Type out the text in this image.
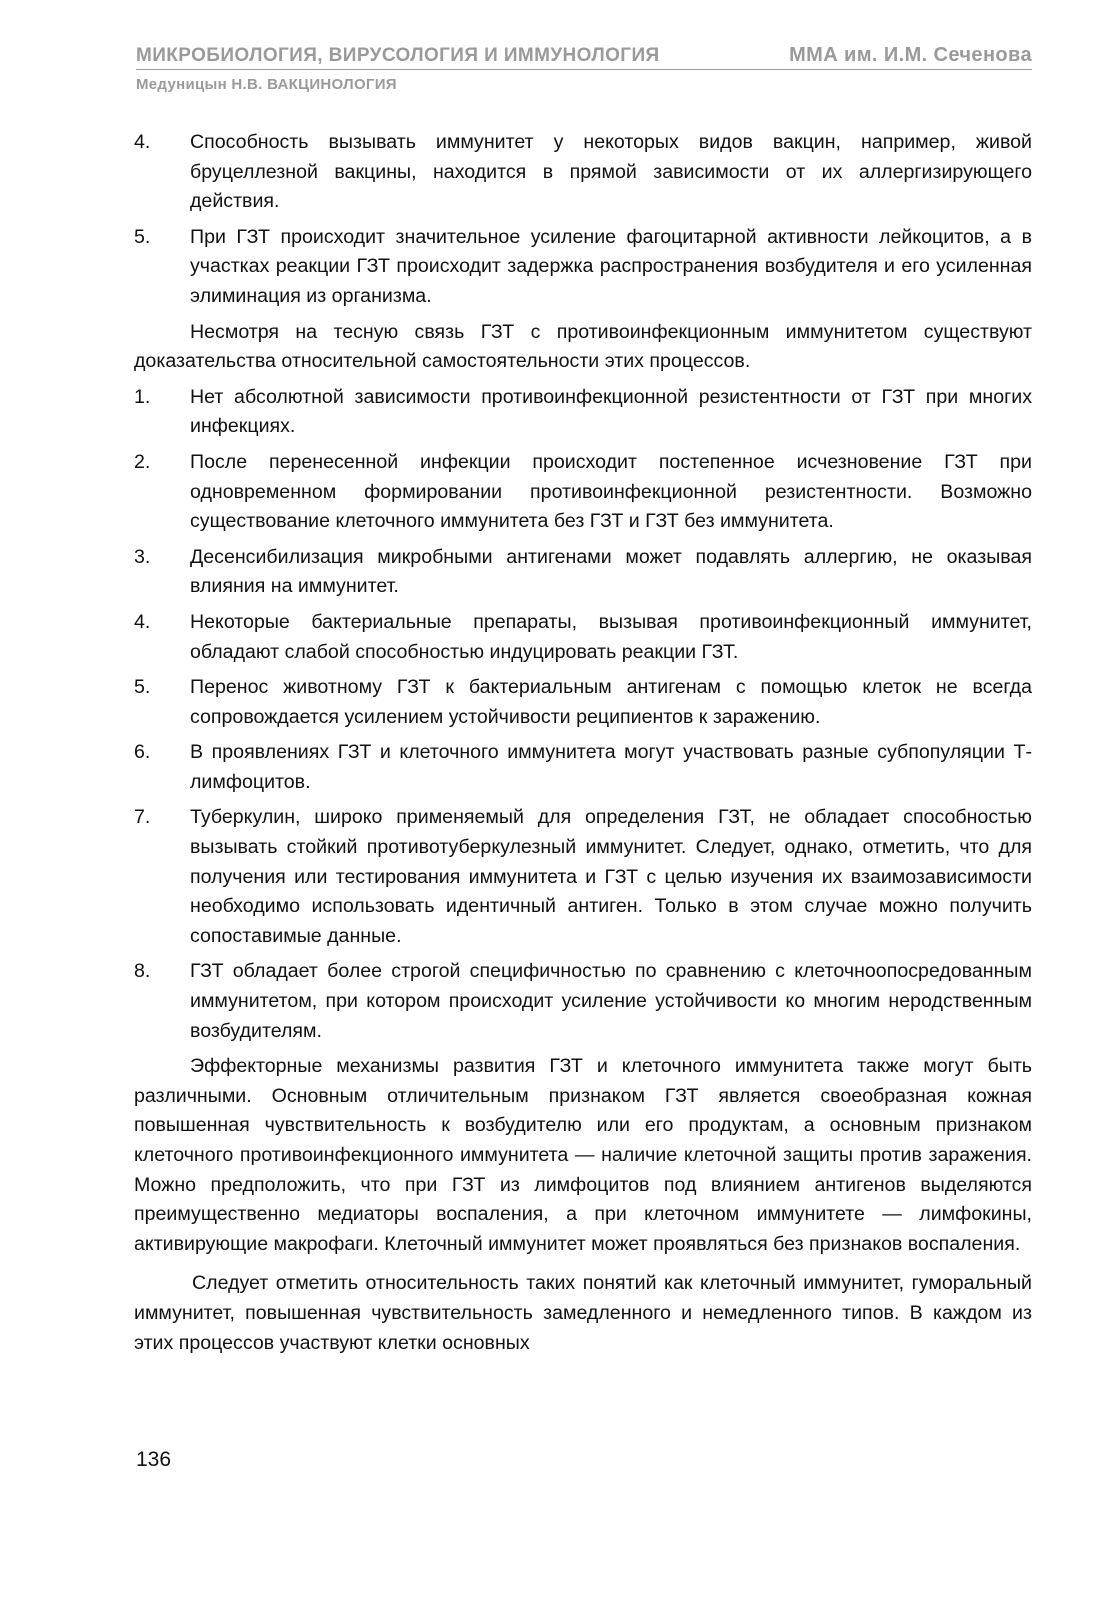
МИКРОБИОЛОГИЯ, ВИРУСОЛОГИЯ И ИММУНОЛОГИЯ	ММА им. И.М. Сеченова
Медуницын Н.В. ВАКЦИНОЛОГИЯ
4.	Способность вызывать иммунитет у некоторых видов вакцин, например, живой бруцеллезной вакцины, находится в прямой зависимости от их аллергизирующего действия.
5.	При ГЗТ происходит значительное усиление фагоцитарной активности лейкоцитов, а в участках реакции ГЗТ происходит задержка распространения возбудителя и его усиленная элиминация из организма.

Несмотря на тесную связь ГЗТ с противоинфекционным иммунитетом существуют доказательства относительной самостоятельности этих процессов.

1.	Нет абсолютной зависимости противоинфекционной резистентности от ГЗТ при многих инфекциях.
2.	После перенесенной инфекции происходит постепенное исчезновение ГЗТ при одновременном формировании противоинфекционной резистентности. Возможно существование клеточного иммунитета без ГЗТ и ГЗТ без иммунитета.
3.	Десенсибилизация микробными антигенами может подавлять аллергию, не оказывая влияния на иммунитет.
4.	Некоторые бактериальные препараты, вызывая противоинфекционный иммунитет, обладают слабой способностью индуцировать реакции ГЗТ.
5.	Перенос животному ГЗТ к бактериальным антигенам с помощью клеток не всегда сопровождается усилением устойчивости реципиентов к заражению.
6.	В проявлениях ГЗТ и клеточного иммунитета могут участвовать разные субпопуляции Т-лимфоцитов.
7.	Туберкулин, широко применяемый для определения ГЗТ, не обладает способностью вызывать стойкий противотуберкулезный иммунитет. Следует, однако, отметить, что для получения или тестирования иммунитета и ГЗТ с целью изучения их взаимозависимости необходимо использовать идентичный антиген. Только в этом случае можно получить сопоставимые данные.
8.	ГЗТ обладает более строгой специфичностью по сравнению с клеточноопосредованным иммунитетом, при котором происходит усиление устойчивости ко многим неродственным возбудителям.

Эффекторные механизмы развития ГЗТ и клеточного иммунитета также могут быть различными. Основным отличительным признаком ГЗТ является своеобразная кожная повышенная чувствительность к возбудителю или его продуктам, а основным признаком клеточного противоинфекционного иммунитета — наличие клеточной защиты против заражения. Можно предположить, что при ГЗТ из лимфоцитов под влиянием антигенов выделяются преимущественно медиаторы воспаления, а при клеточном иммунитете — лимфокины, активирующие макрофаги. Клеточный иммунитет может проявляться без признаков воспаления.

Следует отметить относительность таких понятий как клеточный иммунитет, гуморальный иммунитет, повышенная чувствительность замедленного и немедленного типов. В каждом из этих процессов участвуют клетки основных

136
